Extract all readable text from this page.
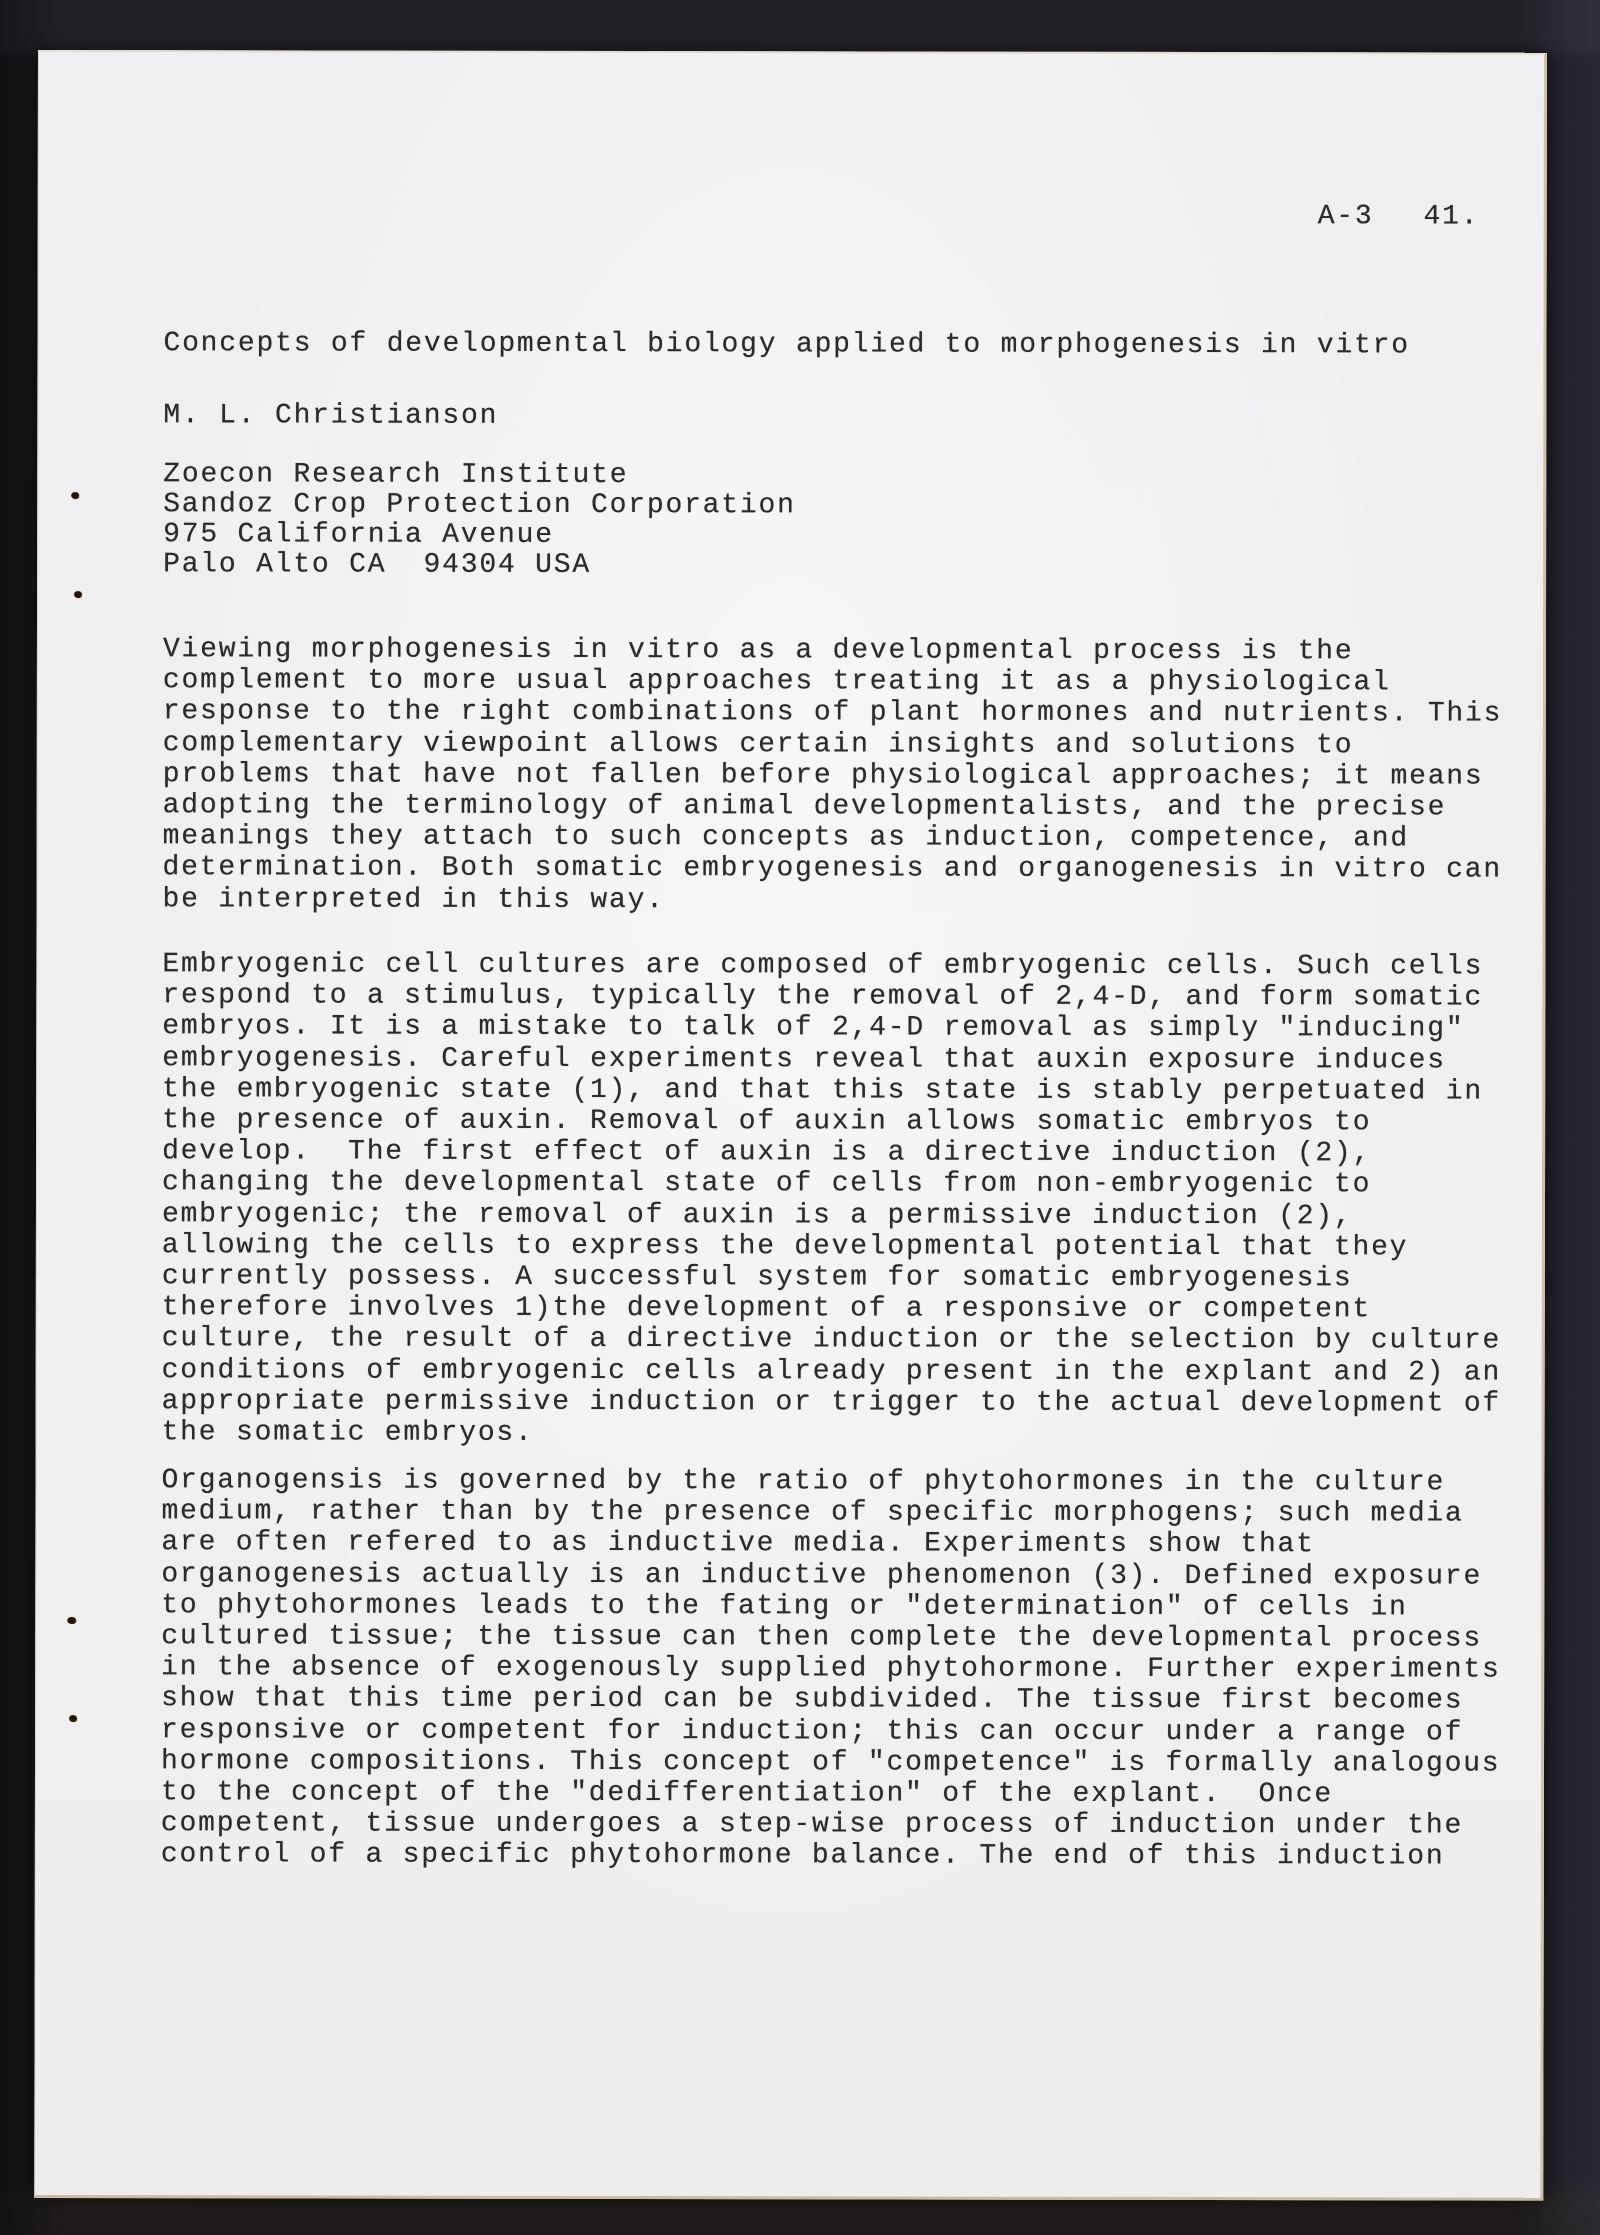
A-3 41.
Concepts of developmental biology applied to morphogenesis in vitro
M. L. Christianson
Zoecon Research Institute
Sandoz Crop Protection Corporation
975 California Avenue
Palo Alto CA  94304 USA
Viewing morphogenesis in vitro as a developmental process is the
complement to more usual approaches treating it as a physiological
response to the right combinations of plant hormones and nutrients. This
complementary viewpoint allows certain insights and solutions to
problems that have not fallen before physiological approaches; it means
adopting the terminology of animal developmentalists, and the precise
meanings they attach to such concepts as induction, competence, and
determination. Both somatic embryogenesis and organogenesis in vitro can
be interpreted in this way.
Embryogenic cell cultures are composed of embryogenic cells. Such cells
respond to a stimulus, typically the removal of 2,4-D, and form somatic
embryos. It is a mistake to talk of 2,4-D removal as simply "inducing"
embryogenesis. Careful experiments reveal that auxin exposure induces
the embryogenic state (1), and that this state is stably perpetuated in
the presence of auxin. Removal of auxin allows somatic embryos to
develop.  The first effect of auxin is a directive induction (2),
changing the developmental state of cells from non-embryogenic to
embryogenic; the removal of auxin is a permissive induction (2),
allowing the cells to express the developmental potential that they
currently possess. A successful system for somatic embryogenesis
therefore involves 1)the development of a responsive or competent
culture, the result of a directive induction or the selection by culture
conditions of embryogenic cells already present in the explant and 2) an
appropriate permissive induction or trigger to the actual development of
the somatic embryos.
Organogensis is governed by the ratio of phytohormones in the culture
medium, rather than by the presence of specific morphogens; such media
are often refered to as inductive media. Experiments show that
organogenesis actually is an inductive phenomenon (3). Defined exposure
to phytohormones leads to the fating or "determination" of cells in
cultured tissue; the tissue can then complete the developmental process
in the absence of exogenously supplied phytohormone. Further experiments
show that this time period can be subdivided. The tissue first becomes
responsive or competent for induction; this can occur under a range of
hormone compositions. This concept of "competence" is formally analogous
to the concept of the "dedifferentiation" of the explant.  Once
competent, tissue undergoes a step-wise process of induction under the
control of a specific phytohormone balance. The end of this induction
